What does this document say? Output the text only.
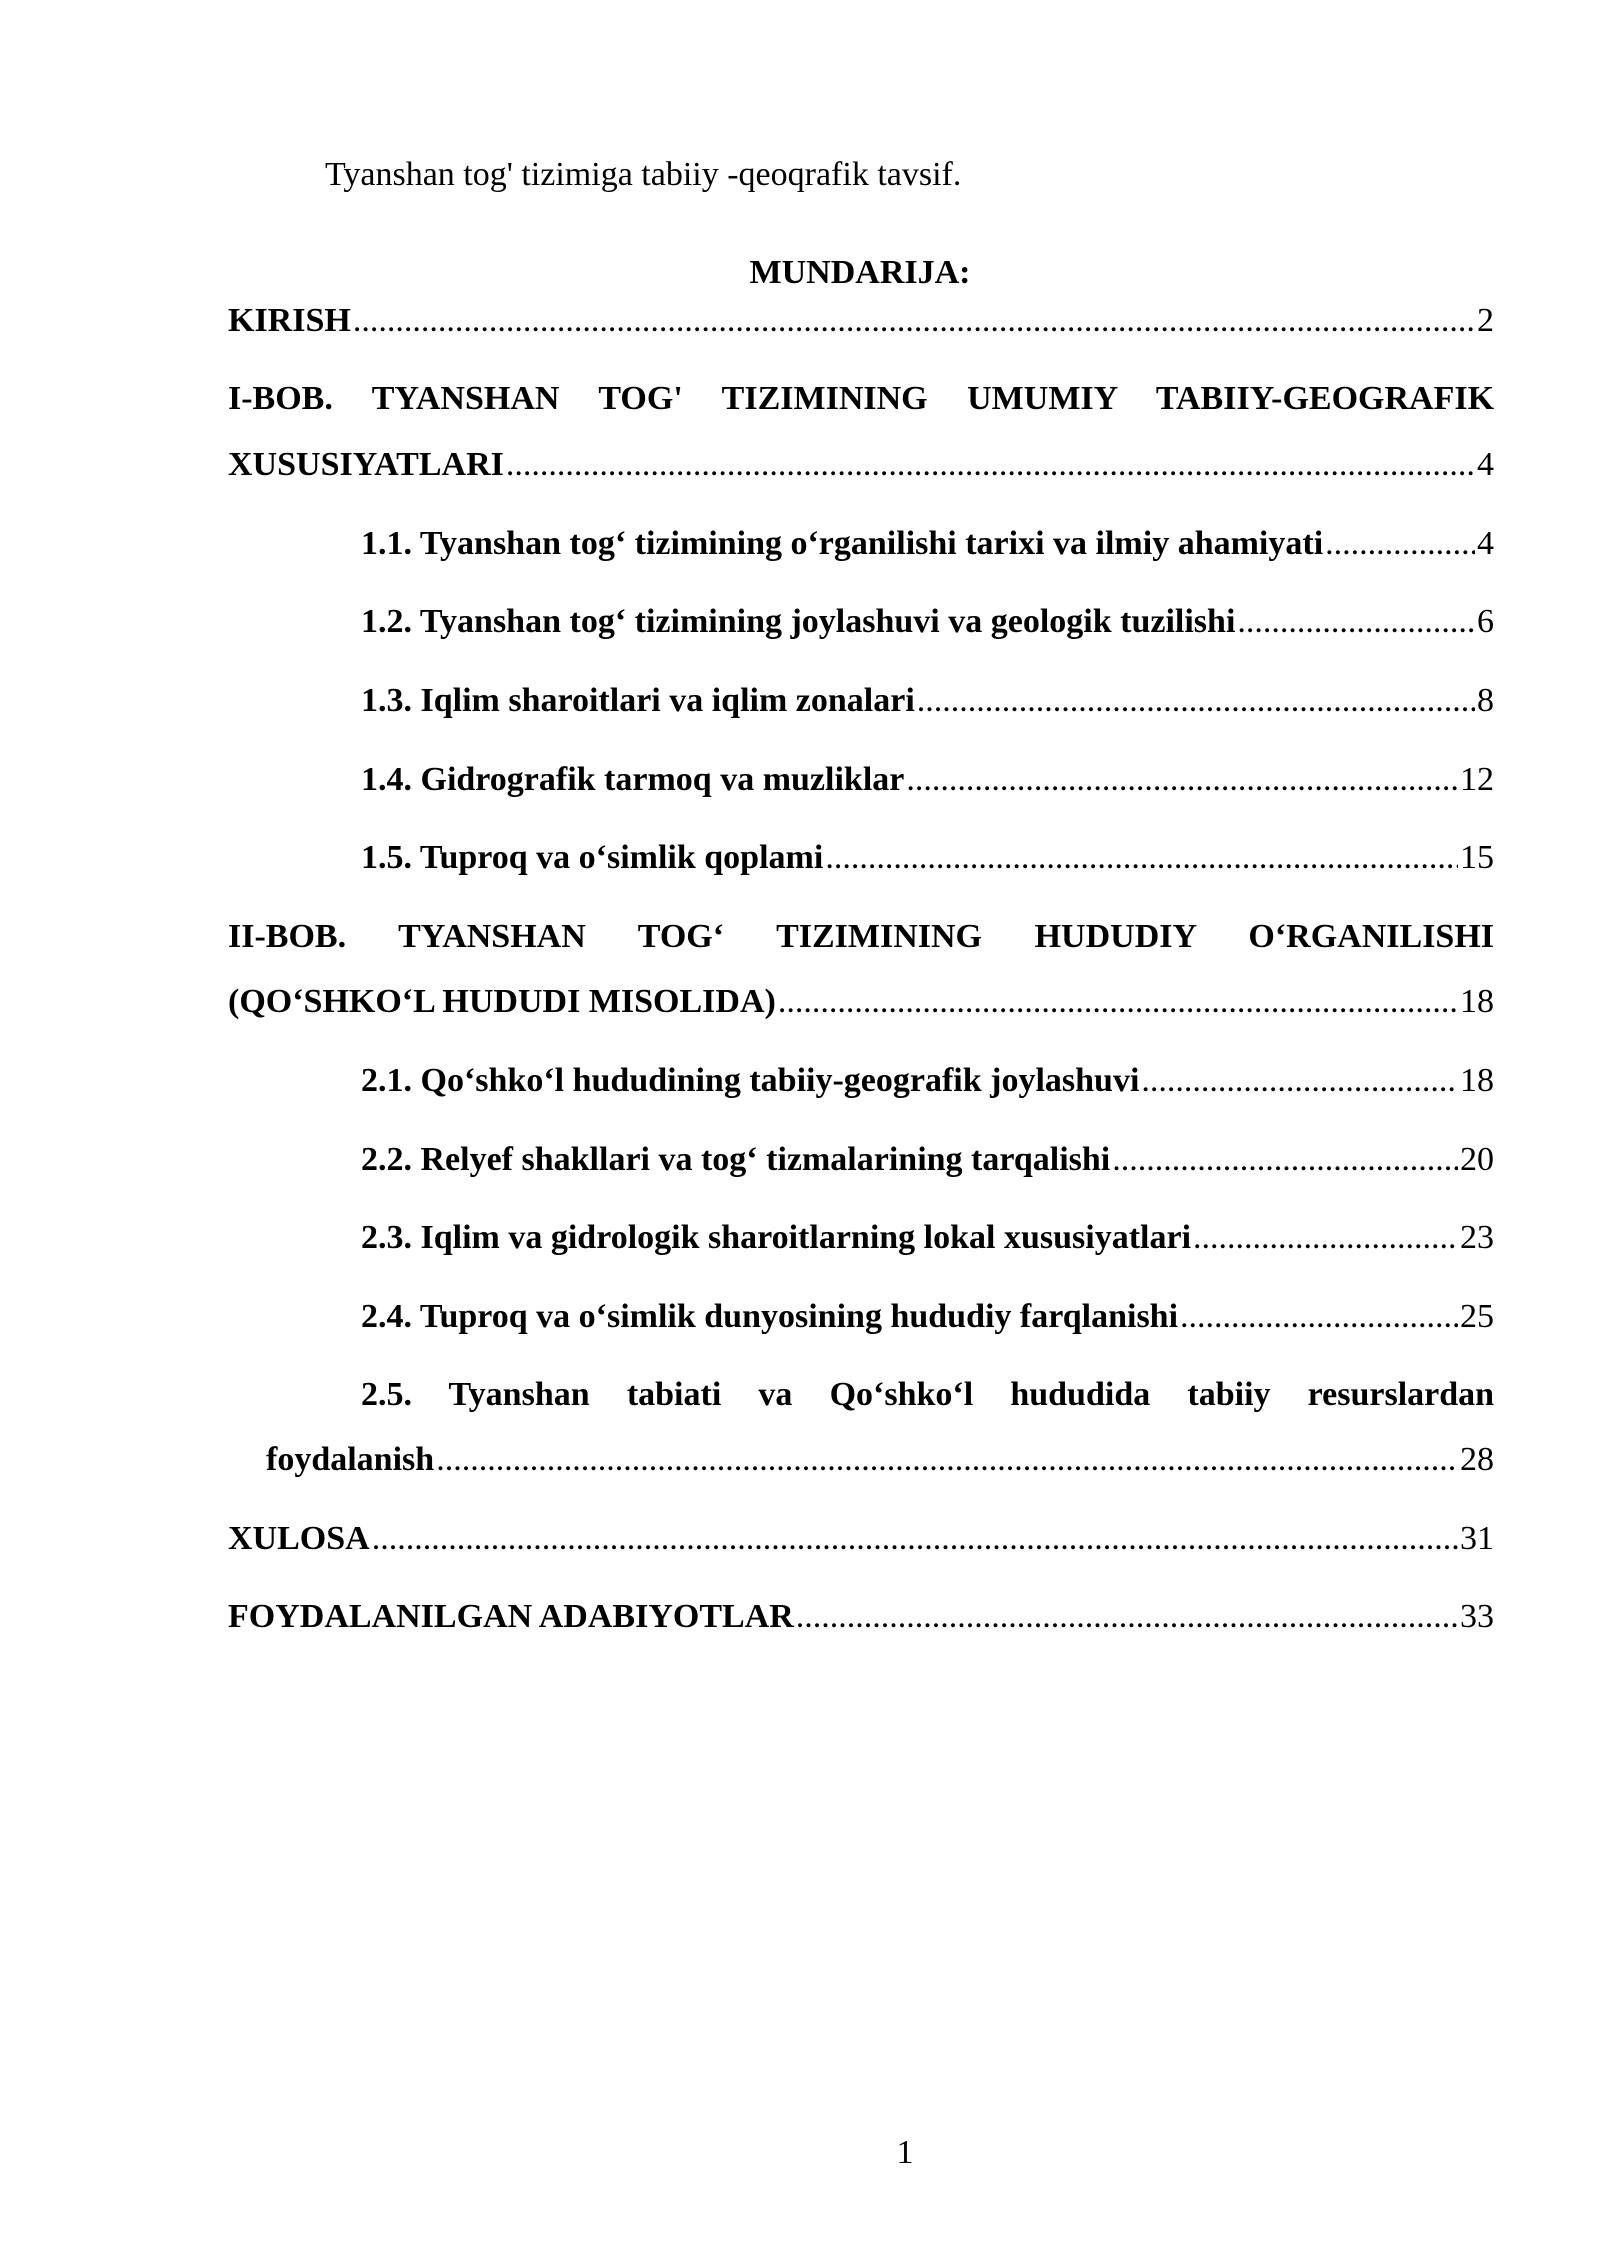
Tyanshan tog' tizimiga tabiiy -qeoqrafik tavsif.
MUNDARIJA:
KIRISH .....	2
I-BOB. TYANSHAN TOG' TIZIMINING UMUMIY TABIIY-GEOGRAFIK
XUSUSIYATLARI .....	4
1.1. Tyanshan tog‘ tizimining o‘rganilishi tarixi va ilmiy ahamiyati .....	4
1.2. Tyanshan tog‘ tizimining joylashuvi va geologik tuzilishi .....	6
1.3. Iqlim sharoitlari va iqlim zonalari .....	8
1.4. Gidrografik tarmoq va muzliklar .....	12
1.5. Tuproq va o‘simlik qoplami .....	15
II-BOB. TYANSHAN TOG‘ TIZIMINING HUDUDIY O‘RGANILISHI
(QO‘SHKO‘L HUDUDI MISOLIDA) .....	18
2.1. Qo‘shko‘l hududining tabiiy-geografik joylashuvi .....	18
2.2. Relyef shakllari va tog‘ tizmalarining tarqalishi .....	20
2.3. Iqlim va gidrologik sharoitlarning lokal xususiyatlari .....	23
2.4. Tuproq va o‘simlik dunyosining hududiy farqlanishi .....	25
2.5. Tyanshan tabiati va Qo‘shko‘l hududida tabiiy resurslardan
foydalanish .....	28
XULOSA .....	31
FOYDALANILGAN ADABIYOTLAR .....	33
1
